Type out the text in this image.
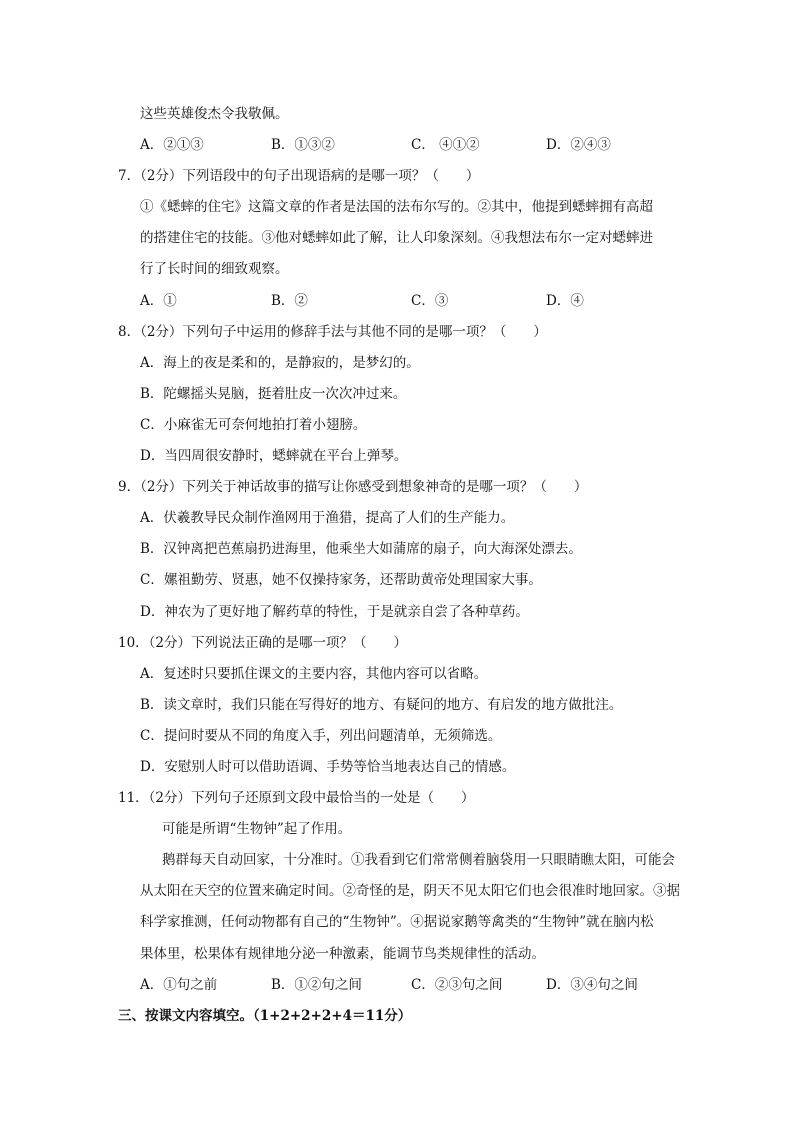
这些英雄俊杰令我敬佩。
A．②①③	B．①③②	C． ④①②	D．②④③
7．（2分）下列语段中的句子出现语病的是哪一项？（　　）
①《蟋蟀的住宅》这篇文章的作者是法国的法布尔写的。②其中，他提到蟋蟀拥有高超
的搭建住宅的技能。③他对蟋蟀如此了解，让人印象深刻。④我想法布尔一定对蟋蟀进
行了长时间的细致观察。
A．①	B．②	C．③	D．④
8．（2分）下列句子中运用的修辞手法与其他不同的是哪一项？（　　）
A．海上的夜是柔和的，是静寂的，是梦幻的。
B．陀螺摇头晃脑，挺着肚皮一次次冲过来。
C．小麻雀无可奈何地拍打着小翅膀。
D．当四周很安静时，蟋蟀就在平台上弹琴。
9．（2分）下列关于神话故事的描写让你感受到想象神奇的是哪一项？（　　）
A．伏羲教导民众制作渔网用于渔猎，提高了人们的生产能力。
B．汉钟离把芭蕉扇扔进海里，他乘坐大如蒲席的扇子，向大海深处漂去。
C．嫘祖勤劳、贤惠，她不仅操持家务，还帮助黄帝处理国家大事。
D．神农为了更好地了解药草的特性，于是就亲自尝了各种草药。
10．（2分）下列说法正确的是哪一项？（　　）
A．复述时只要抓住课文的主要内容，其他内容可以省略。
B．读文章时，我们只能在写得好的地方、有疑问的地方、有启发的地方做批注。
C．提问时要从不同的角度入手，列出问题清单，无须筛选。
D．安慰别人时可以借助语调、手势等恰当地表达自己的情感。
11．（2分）下列句子还原到文段中最恰当的一处是（　　）
可能是所谓“生物钟”起了作用。
鹅群每天自动回家，十分准时。①我看到它们常常侧着脑袋用一只眼睛瞧太阳，可能会
从太阳在天空的位置来确定时间。②奇怪的是，阴天不见太阳它们也会很准时地回家。③据
科学家推测，任何动物都有自己的“生物钟”。④据说家鹅等禽类的“生物钟”就在脑内松
果体里，松果体有规律地分泌一种激素，能调节鸟类规律性的活动。
A．①句之前	B．①②句之间	C．②③句之间	D．③④句之间
三、按课文内容填空。（1+2+2+2+4＝11分）
